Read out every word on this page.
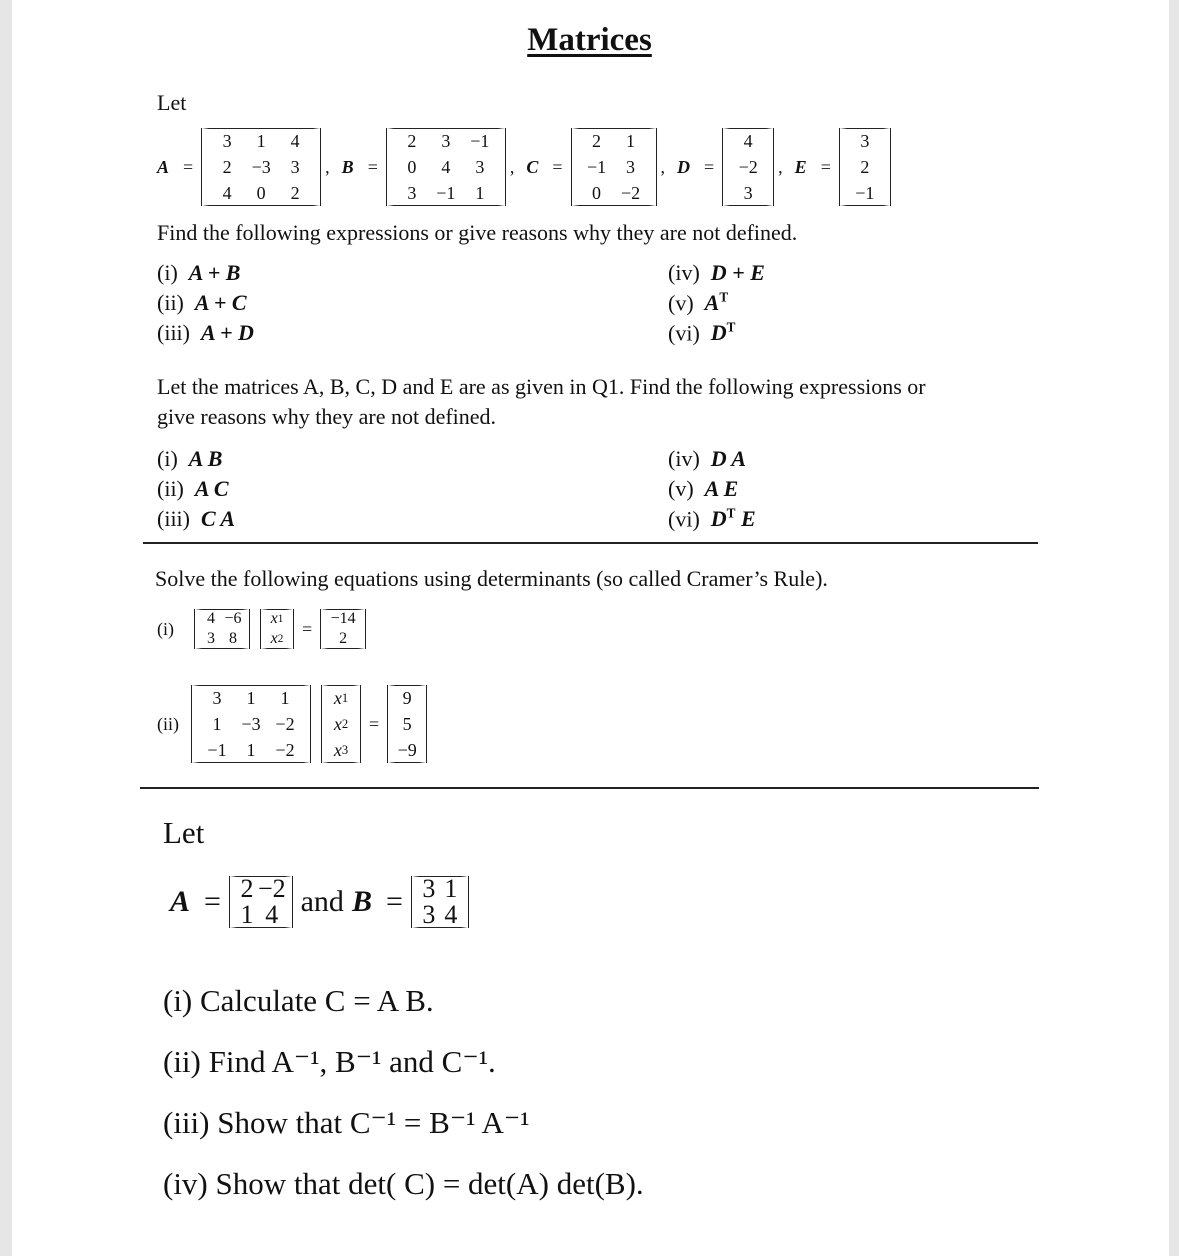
Matrices
Let
A =
3
2
4
1
−3
0
4
3
2
, B =
2
0
3
3
4
−1
−1
3
1
, C =
2
−1
0
1
3
−2
, D =
4
−2
3
, E =
3
2
−1
Find the following expressions or give reasons why they are not defined.
(i) A + B
(ii) A + C
(iii) A + D
(iv) D + E
(v) $A^T$
(vi) $D^T$
Let the matrices A, B, C, D and E are as given in Q1. Find the following expressions or
give reasons why they are not defined.
(i) A B
(ii) A C
(iii) C A
(iv) D A
(v) A E
(vi) $D^T$ E
Solve the following equations using determinants (so called Cramer’s Rule).
(i)	4
3
−6
8
x 1
x 2
= −14
2
(ii)
3
1
−1
1
−3
1
1
−2
−2
x 1
x 2
x 3
=
9
5
−9
Let
A = 2
1
−2
4 and B = 3
3
1
4
(i) Calculate C = A B.
(ii) Find A⁻¹, B⁻¹ and C⁻¹.
(iii) Show that C⁻¹ = B⁻¹ A⁻¹
(iv) Show that det( C) = det(A) det(B).
